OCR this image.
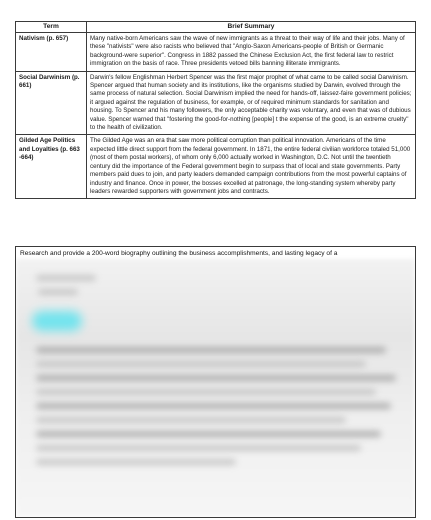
Term	Brief Summary
Nativism (p. 657)	Many native-born Americans saw the wave of new immigrants as a threat to their way of life and their jobs. Many of these "nativists" were also racists who believed that "Anglo-Saxon Americans-people of British or Germanic background-were superior". Congress in 1882 passed the Chinese Exclusion Act, the first federal law to restrict immigration on the basis of race. Three presidents vetoed bills banning illiterate immigrants.
Social Darwinism (p. 661)	Darwin's fellow Englishman Herbert Spencer was the first major prophet of what came to be called social Darwinism. Spencer argued that human society and its institutions, like the organisms studied by Darwin, evolved through the same process of natural selection. Social Darwinism implied the need for hands-off, laissez-faire government policies; it argued against the regulation of business, for example, or of required minimum standards for sanitation and housing. To Spencer and his many followers, the only acceptable charity was voluntary, and even that was of dubious value. Spencer warned that "fostering the good-for-nothing [people] t the expense of the good, is an extreme cruelty" to the health of civilization.
Gilded Age Politics and Loyalties (p. 663 -664)	The Gilded Age was an era that saw more political corruption than political innovation. Americans of the time expected little direct support from the federal government. In 1871, the entire federal civilian workforce totaled 51,000 (most of them postal workers), of whom only 6,000 actually worked in Washington, D.C. Not until the twentieth century did the importance of the Federal government begin to surpass that of local and state governments. Party members paid dues to join, and party leaders demanded campaign contributions from the most powerful captains of industry and finance. Once in power, the bosses excelled at patronage, the long-standing system whereby party leaders rewarded supporters with government jobs and contracts.
Research and provide a 200-word biography outlining the business accomplishments, and lasting legacy of a
